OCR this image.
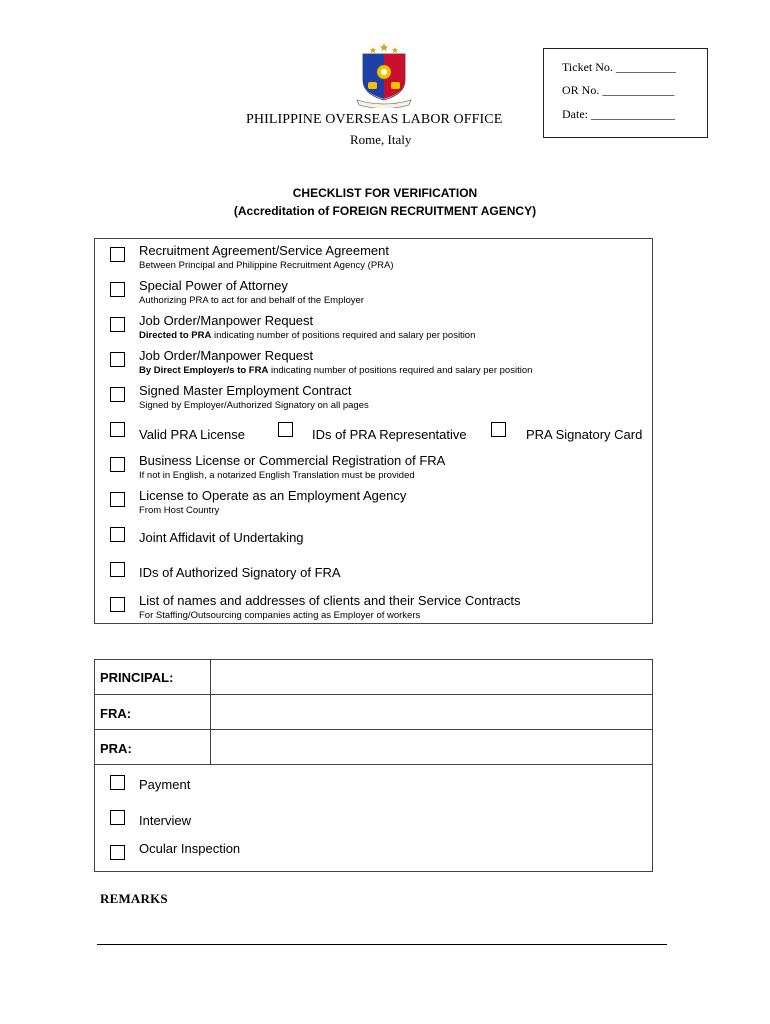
PHILIPPINE OVERSEAS LABOR OFFICE
Rome, Italy
Ticket No. __________
OR No. ____________
Date: ______________
CHECKLIST FOR VERIFICATION
(Accreditation of FOREIGN RECRUITMENT AGENCY)
Recruitment Agreement/Service Agreement
Between Principal and Philippine Recruitment Agency (PRA)
Special Power of Attorney
Authorizing PRA to act for and behalf of the Employer
Job Order/Manpower Request
Directed to PRA indicating number of positions required and salary per position
Job Order/Manpower Request
By Direct Employer/s to FRA indicating number of positions required and salary per position
Signed Master Employment Contract
Signed by Employer/Authorized Signatory on all pages
Valid PRA License	IDs of PRA Representative	PRA Signatory Card
Business License or Commercial Registration of FRA
If not in English, a notarized English Translation must be provided
License to Operate as an Employment Agency
From Host Country
Joint Affidavit of Undertaking
IDs of Authorized Signatory of FRA
List of names and addresses of clients and their Service Contracts
For Staffing/Outsourcing companies acting as Employer of workers
PRINCIPAL:
FRA:
PRA:
Payment
Interview
Ocular Inspection
REMARKS
